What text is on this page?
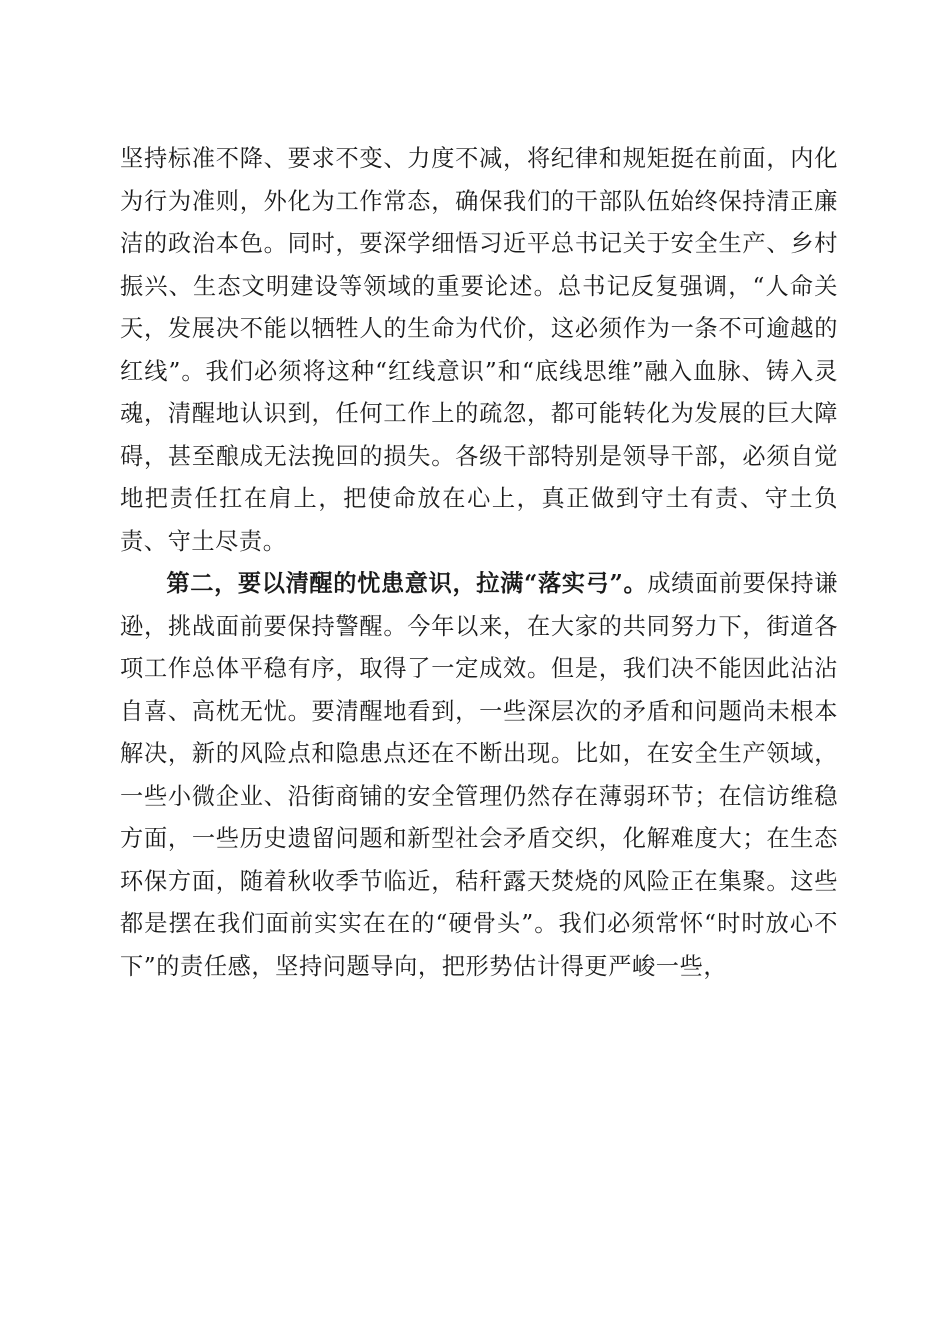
坚持标准不降、要求不变、力度不减，将纪律和规矩挺在前面，内化为行为准则，外化为工作常态，确保我们的干部队伍始终保持清正廉洁的政治本色。同时，要深学细悟习近平总书记关于安全生产、乡村振兴、生态文明建设等领域的重要论述。总书记反复强调，“人命关天，发展决不能以牺牲人的生命为代价，这必须作为一条不可逾越的红线”。我们必须将这种“红线意识”和“底线思维”融入血脉、铸入灵魂，清醒地认识到，任何工作上的疏忽，都可能转化为发展的巨大障碍，甚至酿成无法挽回的损失。各级干部特别是领导干部，必须自觉地把责任扛在肩上，把使命放在心上，真正做到守土有责、守土负责、守土尽责。

第二，要以清醒的忧患意识，拉满“落实弓”。成绩面前要保持谦逊，挑战面前要保持警醒。今年以来，在大家的共同努力下，街道各项工作总体平稳有序，取得了一定成效。但是，我们决不能因此沾沾自喜、高枕无忧。要清醒地看到，一些深层次的矛盾和问题尚未根本解决，新的风险点和隐患点还在不断出现。比如，在安全生产领域，一些小微企业、沿街商铺的安全管理仍然存在薄弱环节；在信访维稳方面，一些历史遗留问题和新型社会矛盾交织，化解难度大；在生态环保方面，随着秋收季节临近，秸秆露天焚烧的风险正在集聚。这些都是摆在我们面前实实在在的“硬骨头”。我们必须常怀“时时放心不下”的责任感，坚持问题导向，把形势估计得更严峻一些，
